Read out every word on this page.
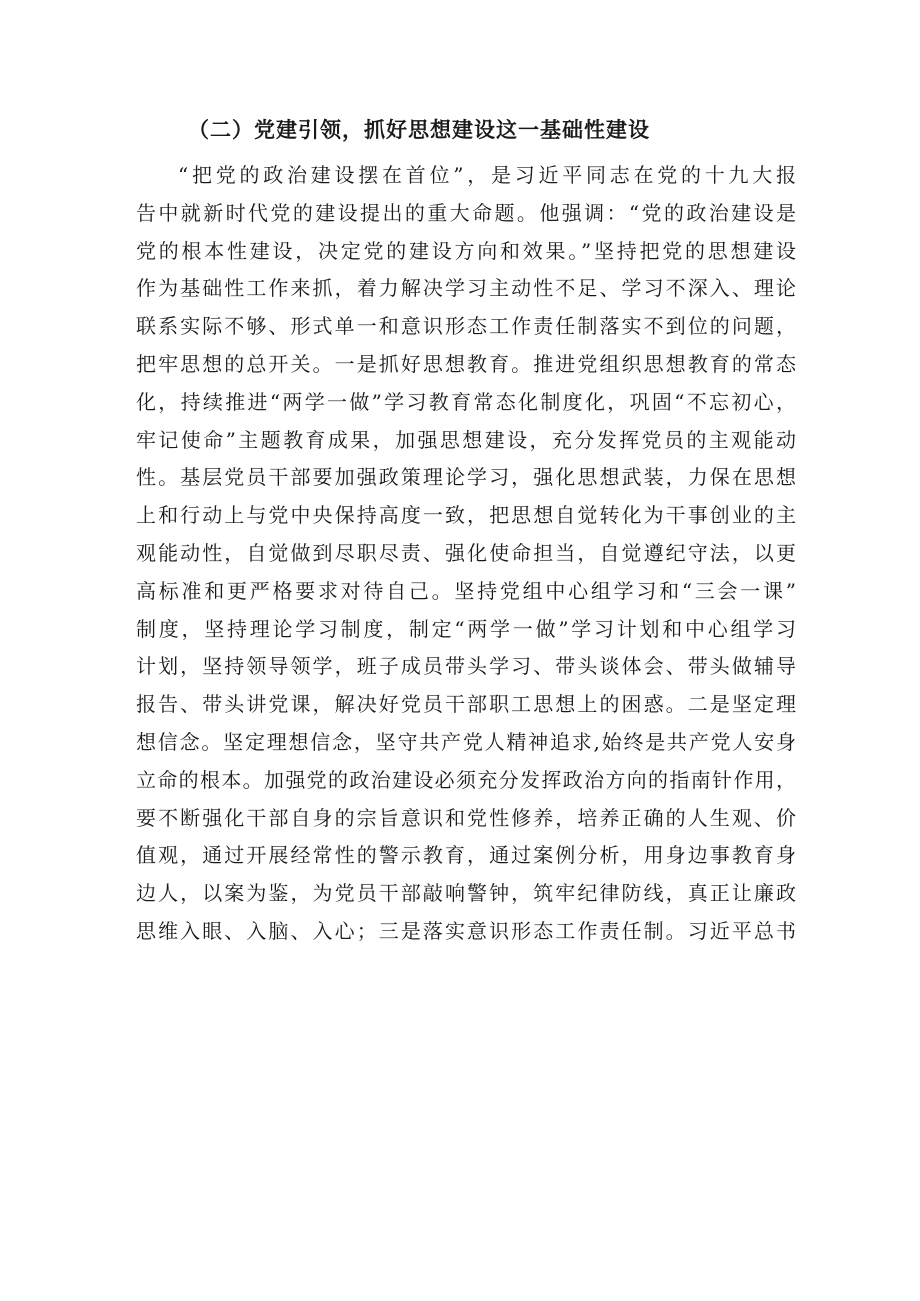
（二）党建引领，抓好思想建设这一基础性建设
“把党的政治建设摆在首位”，是习近平同志在党的十九大报
告中就新时代党的建设提出的重大命题。他强调：“党的政治建设是
党的根本性建设，决定党的建设方向和效果。”坚持把党的思想建设
作为基础性工作来抓，着力解决学习主动性不足、学习不深入、理论
联系实际不够、形式单一和意识形态工作责任制落实不到位的问题，
把牢思想的总开关。一是抓好思想教育。推进党组织思想教育的常态
化，持续推进“两学一做”学习教育常态化制度化，巩固“不忘初心，
牢记使命”主题教育成果，加强思想建设，充分发挥党员的主观能动
性。基层党员干部要加强政策理论学习，强化思想武装，力保在思想
上和行动上与党中央保持高度一致，把思想自觉转化为干事创业的主
观能动性，自觉做到尽职尽责、强化使命担当，自觉遵纪守法，以更
高标准和更严格要求对待自己。坚持党组中心组学习和“三会一课”
制度，坚持理论学习制度，制定“两学一做”学习计划和中心组学习
计划，坚持领导领学，班子成员带头学习、带头谈体会、带头做辅导
报告、带头讲党课，解决好党员干部职工思想上的困惑。二是坚定理
想信念。坚定理想信念，坚守共产党人精神追求,始终是共产党人安身
立命的根本。加强党的政治建设必须充分发挥政治方向的指南针作用，
要不断强化干部自身的宗旨意识和党性修养，培养正确的人生观、价
值观，通过开展经常性的警示教育，通过案例分析，用身边事教育身
边人，以案为鉴，为党员干部敲响警钟，筑牢纪律防线，真正让廉政
思维入眼、入脑、入心；三是落实意识形态工作责任制。习近平总书
